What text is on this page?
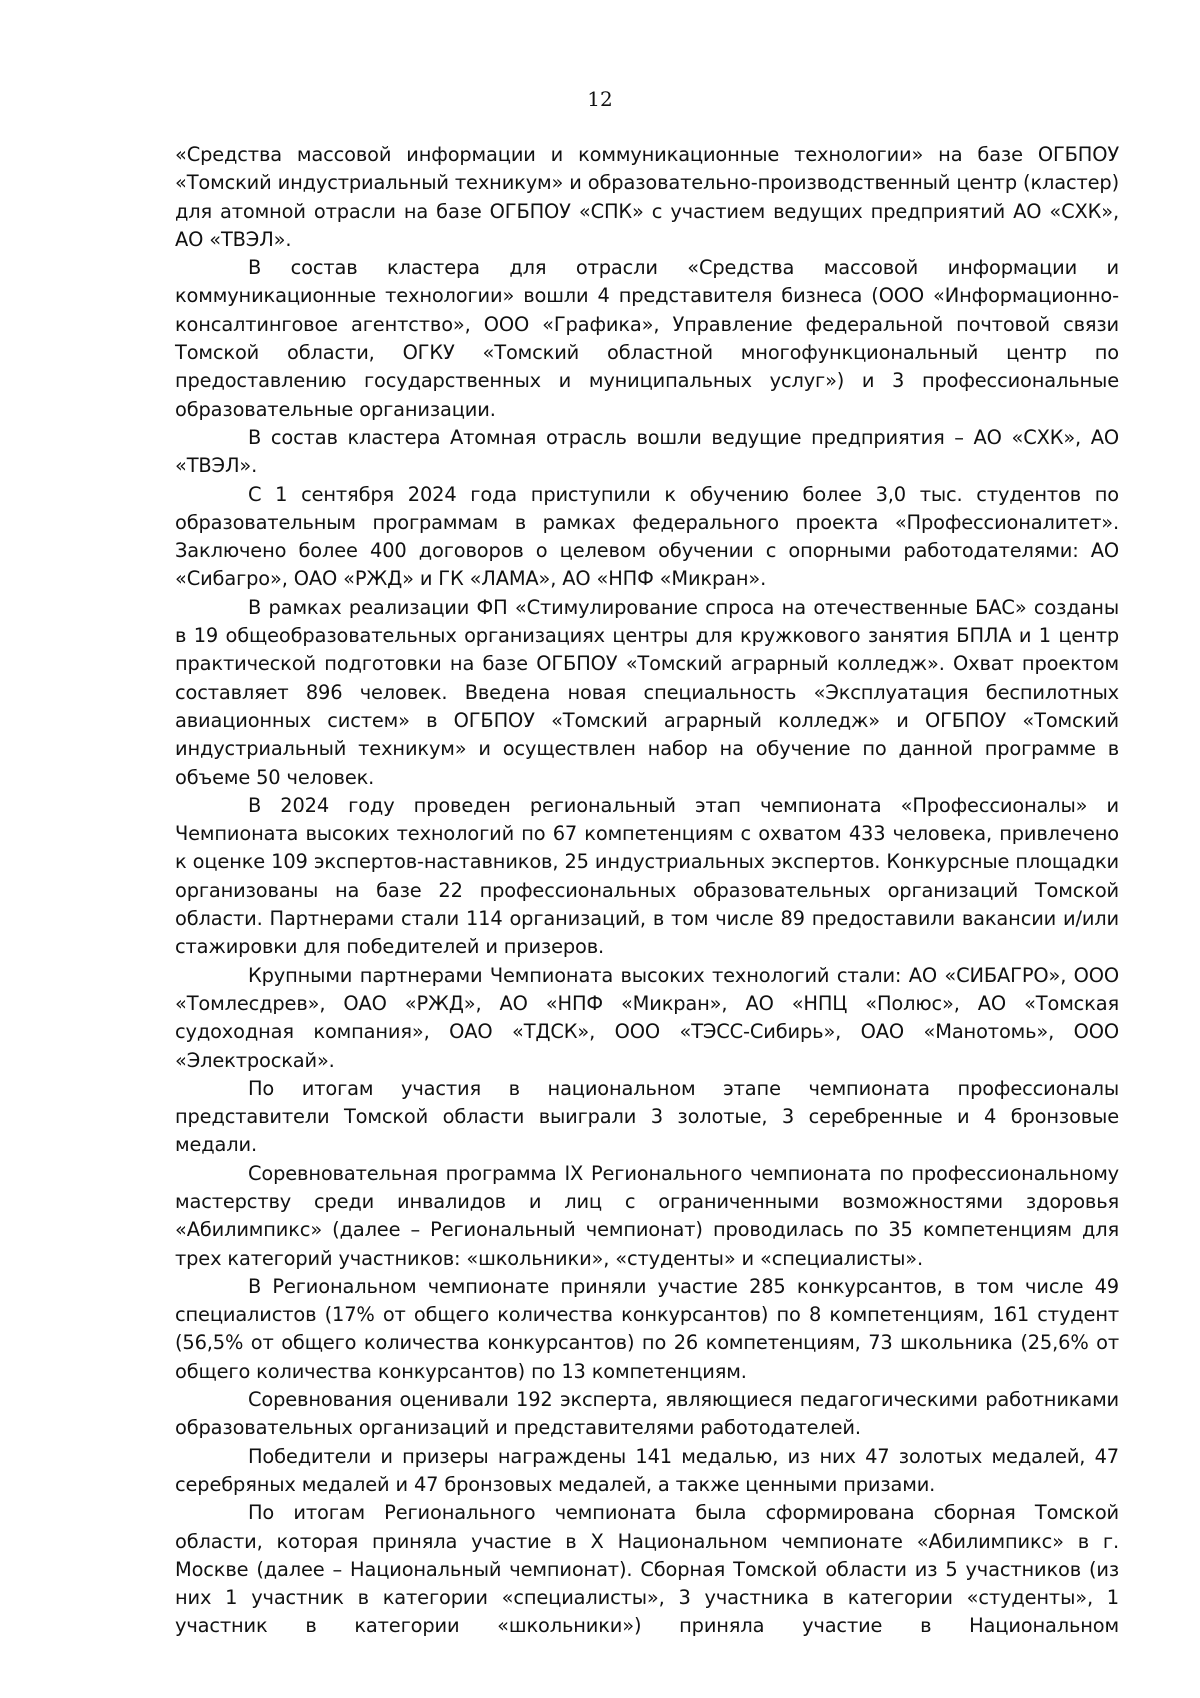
12

«Средства массовой информации и коммуникационные технологии» на базе ОГБПОУ «Томский индустриальный техникум» и образовательно-производственный центр (кластер) для атомной отрасли на базе ОГБПОУ «СПК» с участием ведущих предприятий АО «СХК», АО «ТВЭЛ».

В состав кластера для отрасли «Средства массовой информации и коммуникационные технологии» вошли 4 представителя бизнеса (ООО «Информационно-консалтинговое агентство», ООО «Графика», Управление федеральной почтовой связи Томской области, ОГКУ «Томский областной многофункциональный центр по предоставлению государственных и муниципальных услуг») и 3 профессиональные образовательные организации.

В состав кластера Атомная отрасль вошли ведущие предприятия – АО «СХК», АО «ТВЭЛ».

С 1 сентября 2024 года приступили к обучению более 3,0 тыс. студентов по образовательным программам в рамках федерального проекта «Профессионалитет». Заключено более 400 договоров о целевом обучении с опорными работодателями: АО «Сибагро», ОАО «РЖД» и ГК «ЛАМА», АО «НПФ «Микран».

В рамках реализации ФП «Стимулирование спроса на отечественные БАС» созданы в 19 общеобразовательных организациях центры для кружкового занятия БПЛА и 1 центр практической подготовки на базе ОГБПОУ «Томский аграрный колледж». Охват проектом составляет 896 человек. Введена новая специальность «Эксплуатация беспилотных авиационных систем» в ОГБПОУ «Томский аграрный колледж» и ОГБПОУ «Томский индустриальный техникум» и осуществлен набор на обучение по данной программе в объеме 50 человек.

В 2024 году проведен региональный этап чемпионата «Профессионалы» и Чемпионата высоких технологий по 67 компетенциям с охватом 433 человека, привлечено к оценке 109 экспертов-наставников, 25 индустриальных экспертов. Конкурсные площадки организованы на базе 22 профессиональных образовательных организаций Томской области. Партнерами стали 114 организаций, в том числе 89 предоставили вакансии и/или стажировки для победителей и призеров.

Крупными партнерами Чемпионата высоких технологий стали: АО «СИБАГРО», ООО «Томлесдрев», ОАО «РЖД», АО «НПФ «Микран», АО «НПЦ «Полюс», АО «Томская судоходная компания», ОАО «ТДСК», ООО «ТЭСС-Сибирь», ОАО «Манотомь», ООО «Электроскай».

По итогам участия в национальном этапе чемпионата профессионалы представители Томской области выиграли 3 золотые, 3 серебренные и 4 бронзовые медали.

Соревновательная программа IX Регионального чемпионата по профессиональному мастерству среди инвалидов и лиц с ограниченными возможностями здоровья «Абилимпикс» (далее – Региональный чемпионат) проводилась по 35 компетенциям для трех категорий участников: «школьники», «студенты» и «специалисты».

В Региональном чемпионате приняли участие 285 конкурсантов, в том числе 49 специалистов (17% от общего количества конкурсантов) по 8 компетенциям, 161 студент (56,5% от общего количества конкурсантов) по 26 компетенциям, 73 школьника (25,6% от общего количества конкурсантов) по 13 компетенциям.

Соревнования оценивали 192 эксперта, являющиеся педагогическими работниками образовательных организаций и представителями работодателей.

Победители и призеры награждены 141 медалью, из них 47 золотых медалей, 47 серебряных медалей и 47 бронзовых медалей, а также ценными призами.

По итогам Регионального чемпионата была сформирована сборная Томской области, которая приняла участие в X Национальном чемпионате «Абилимпикс» в г. Москве (далее – Национальный чемпионат). Сборная Томской области из 5 участников (из них 1 участник в категории «специалисты», 3 участника в категории «студенты», 1 участник в категории «школьники») приняла участие в Национальном
